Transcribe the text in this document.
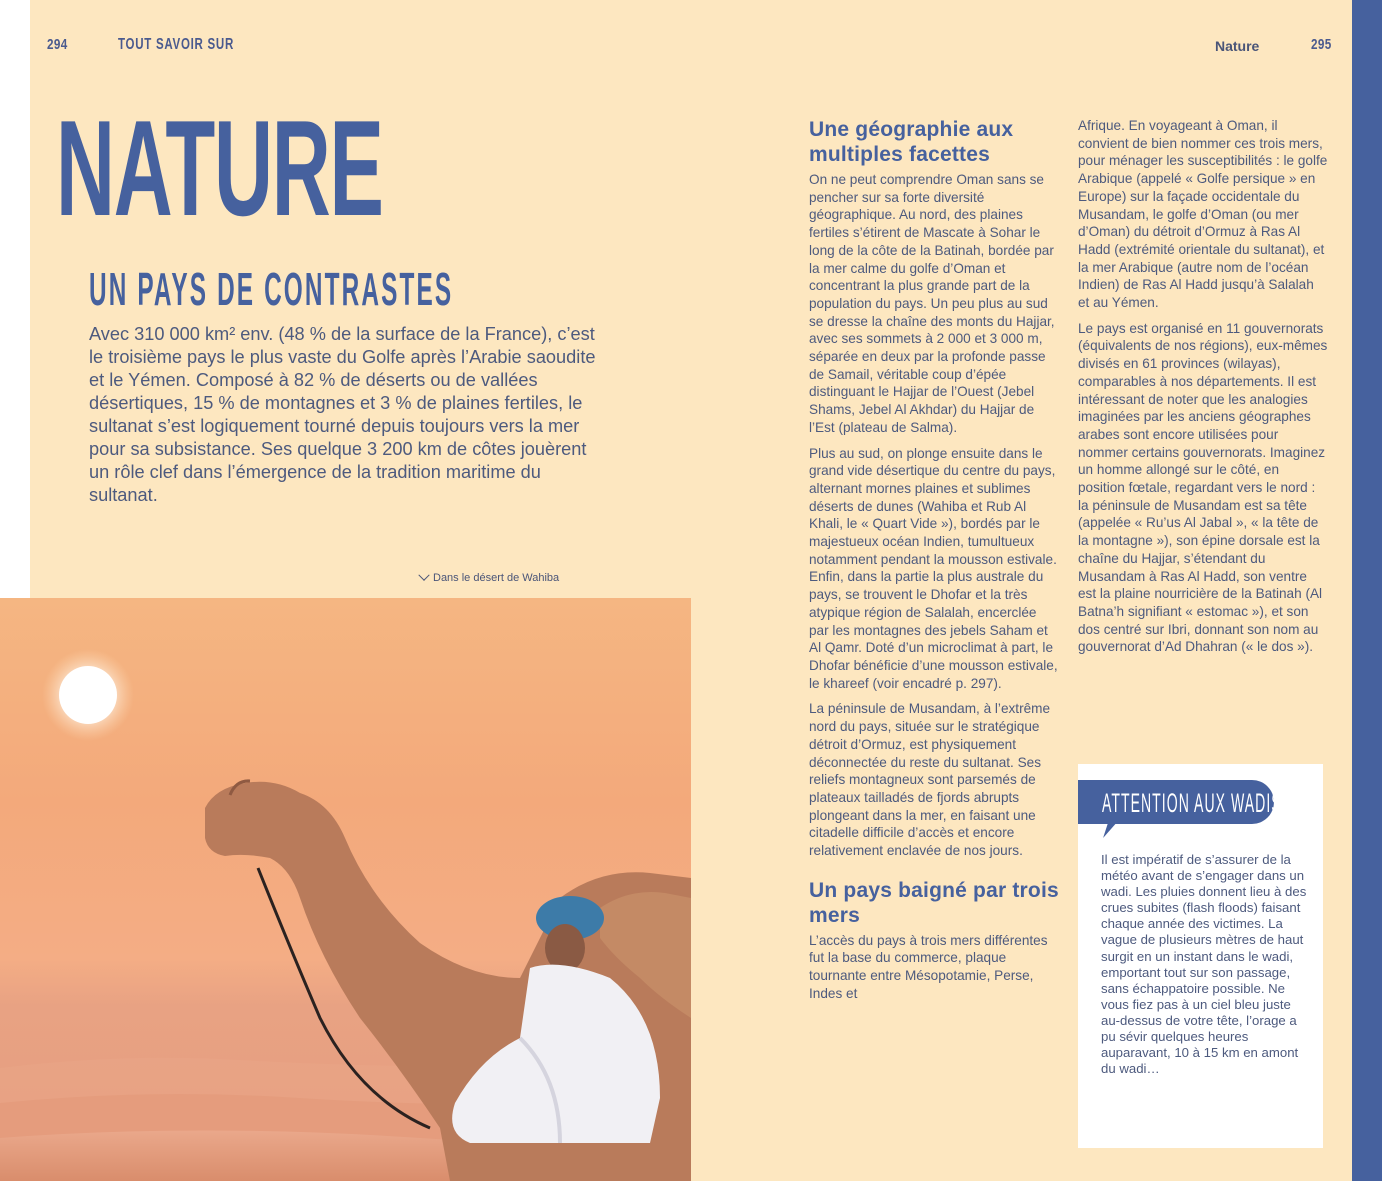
294	TOUT SAVOIR SUR	Nature	295
NATURE
UN PAYS DE CONTRASTES

Avec 310 000 km² env. (48 % de la surface de la France), c’est le troisième pays le plus vaste du Golfe après l’Arabie saoudite et le Yémen. Composé à 82 % de déserts ou de vallées désertiques, 15 % de montagnes et 3 % de plaines fertiles, le sultanat s’est logiquement tourné depuis toujours vers la mer pour sa subsistance. Ses quelque 3 200 km de côtes jouèrent un rôle clef dans l’émergence de la tradition maritime du sultanat.

Dans le désert de Wahiba
Une géographie aux multiples facettes

On ne peut comprendre Oman sans se pencher sur sa forte diversité géographique. Au nord, des plaines fertiles s’étirent de Mascate à Sohar le long de la côte de la Batinah, bordée par la mer calme du golfe d’Oman et concentrant la plus grande part de la population du pays. Un peu plus au sud se dresse la chaîne des monts du Hajjar, avec ses sommets à 2 000 et 3 000 m, séparée en deux par la profonde passe de Samail, véritable coup d’épée distinguant le Hajjar de l’Ouest (Jebel Shams, Jebel Al Akhdar) du Hajjar de l’Est (plateau de Salma).

Plus au sud, on plonge ensuite dans le grand vide désertique du centre du pays, alternant mornes plaines et sublimes déserts de dunes (Wahiba et Rub Al Khali, le « Quart Vide »), bordés par le majestueux océan Indien, tumultueux notamment pendant la mousson estivale. Enfin, dans la partie la plus australe du pays, se trouvent le Dhofar et la très atypique région de Salalah, encerclée par les montagnes des jebels Saham et Al Qamr. Doté d’un microclimat à part, le Dhofar bénéficie d’une mousson estivale, le khareef (voir encadré p. 297).

La péninsule de Musandam, à l’extrême nord du pays, située sur le stratégique détroit d’Ormuz, est physiquement déconnectée du reste du sultanat. Ses reliefs montagneux sont parsemés de plateaux tailladés de fjords abrupts plongeant dans la mer, en faisant une citadelle difficile d’accès et encore relativement enclavée de nos jours.

Un pays baigné par trois mers

L’accès du pays à trois mers différentes fut la base du commerce, plaque tournante entre Mésopotamie, Perse, Indes et

Afrique. En voyageant à Oman, il convient de bien nommer ces trois mers, pour ménager les susceptibilités : le golfe Arabique (appelé « Golfe persique » en Europe) sur la façade occidentale du Musandam, le golfe d’Oman (ou mer d’Oman) du détroit d’Ormuz à Ras Al Hadd (extrémité orientale du sultanat), et la mer Arabique (autre nom de l’océan Indien) de Ras Al Hadd jusqu’à Salalah et au Yémen.

Le pays est organisé en 11 gouvernorats (équivalents de nos régions), eux-mêmes divisés en 61 provinces (wilayas), comparables à nos départements. Il est intéressant de noter que les analogies imaginées par les anciens géographes arabes sont encore utilisées pour nommer certains gouvernorats. Imaginez un homme allongé sur le côté, en position fœtale, regardant vers le nord : la péninsule de Musandam est sa tête (appelée « Ru’us Al Jabal », « la tête de la montagne »), son épine dorsale est la chaîne du Hajjar, s’étendant du Musandam à Ras Al Hadd, son ventre est la plaine nourricière de la Batinah (Al Batna’h signifiant « estomac »), et son dos centré sur Ibri, donnant son nom au gouvernorat d’Ad Dhahran (« le dos »).

ATTENTION AUX WADIS

Il est impératif de s’assurer de la météo avant de s’engager dans un wadi. Les pluies donnent lieu à des crues subites (flash floods) faisant chaque année des victimes. La vague de plusieurs mètres de haut surgit en un instant dans le wadi, emportant tout sur son passage, sans échappatoire possible. Ne vous fiez pas à un ciel bleu juste au-dessus de votre tête, l’orage a pu sévir quelques heures auparavant, 10 à 15 km en amont du wadi…
